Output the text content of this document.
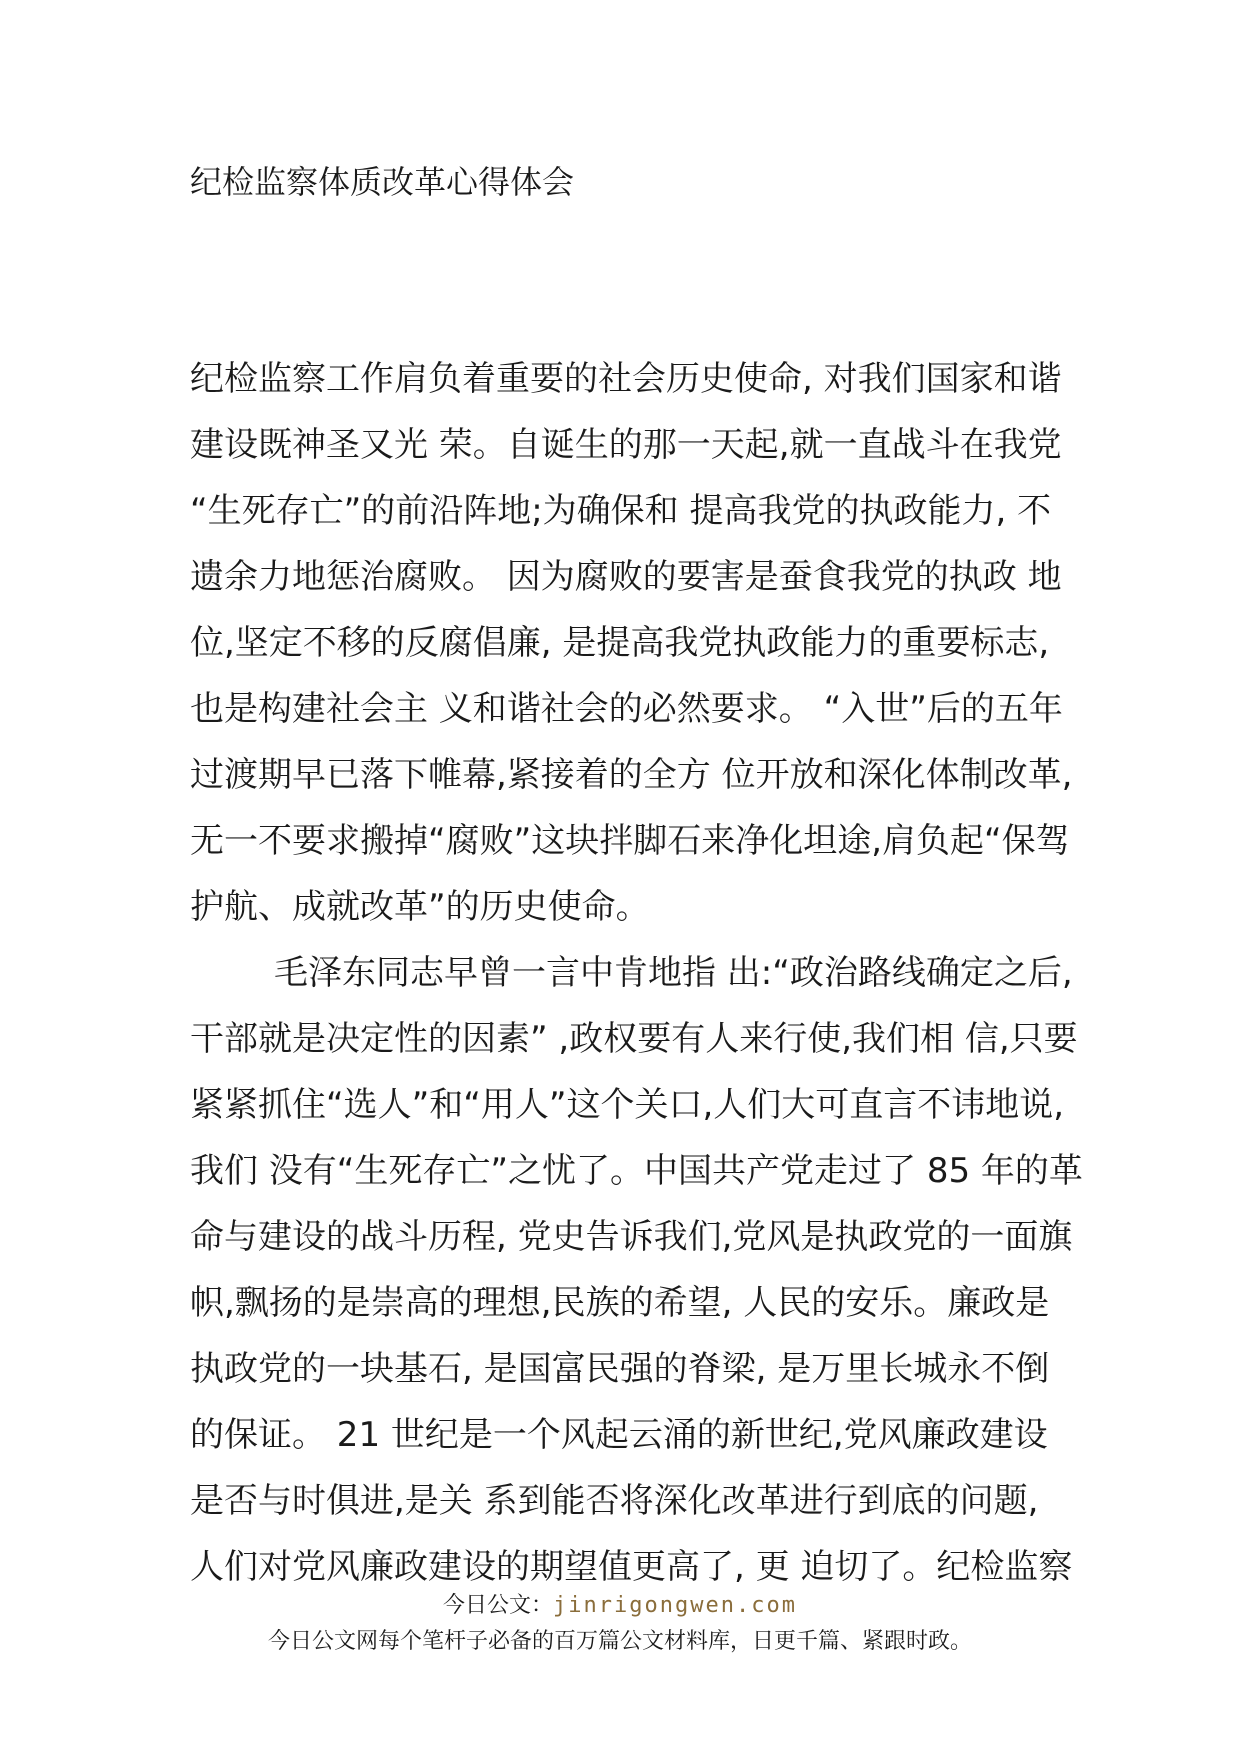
纪检监察体质改革心得体会
纪检监察工作肩负着重要的社会历史使命, 对我们国家和谐
建设既神圣又光 荣。自诞生的那一天起,就一直战斗在我党
“生死存亡”的前沿阵地;为确保和 提高我党的执政能力, 不
遗余力地惩治腐败。 因为腐败的要害是蚕食我党的执政 地
位,坚定不移的反腐倡廉, 是提高我党执政能力的重要标志,
也是构建社会主 义和谐社会的必然要求。 “入世”后的五年
过渡期早已落下帷幕,紧接着的全方 位开放和深化体制改革,
无一不要求搬掉“腐败”这块拌脚石来净化坦途,肩负起“保驾
护航、成就改革”的历史使命。
毛泽东同志早曾一言中肯地指 出:“政治路线确定之后,
干部就是决定性的因素” ,政权要有人来行使,我们相 信,只要
紧紧抓住“选人”和“用人”这个关口,人们大可直言不讳地说,
我们 没有“生死存亡”之忧了。中国共产党走过了 85 年的革
命与建设的战斗历程, 党史告诉我们,党风是执政党的一面旗
帜,飘扬的是崇高的理想,民族的希望, 人民的安乐。廉政是
执政党的一块基石, 是国富民强的脊梁, 是万里长城永不倒
的保证。 21 世纪是一个风起云涌的新世纪,党风廉政建设
是否与时俱进,是关 系到能否将深化改革进行到底的问题,
人们对党风廉政建设的期望值更高了, 更 迫切了。纪检监察
今日公文：jinrigongwen.com
今日公文网每个笔杆子必备的百万篇公文材料库，日更千篇、紧跟时政。
